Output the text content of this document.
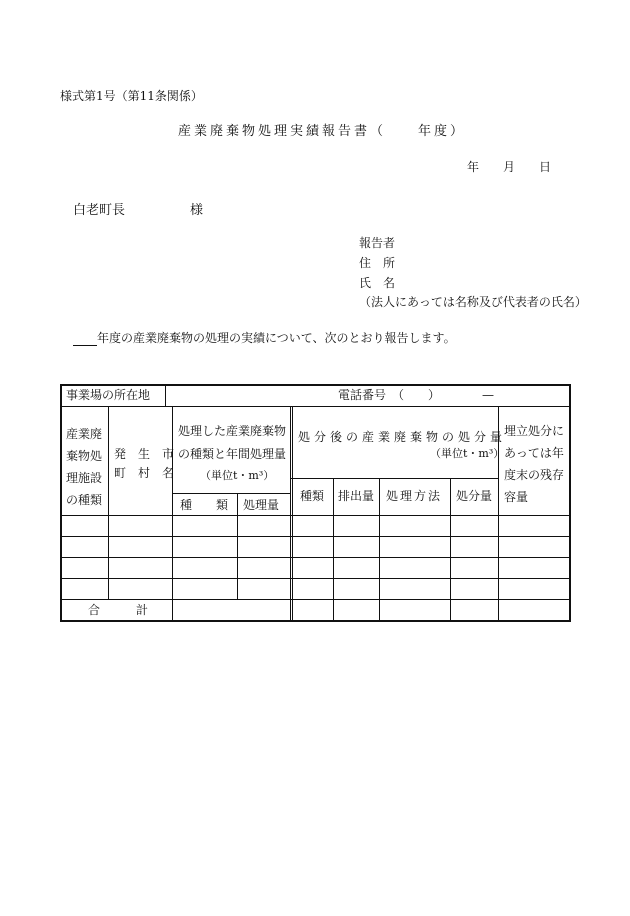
様式第1号（第11条関係）
産業廃棄物処理実績報告書（　　年度）
年　　月　　日
白老町長　　　　　様
報告者
住　所
氏　名
（法人にあっては名称及び代表者の氏名）
　　　年度の産業廃棄物の処理の実績について、次のとおり報告します。
事業場の所在地	電話番号　（　　）　　　　—
産業廃
棄物処
理施設
の種類
発　生　市
町　村　名
処理した産業廃棄物
の種類と年間処理量
（単位t・m³）
種　　類 処理量
処分後の産業廃棄物の処分量
（単位t・m³）
種類 排出量 処理方法 処分量
埋立処分に
あっては年
度末の残存
容量
合　　　計
